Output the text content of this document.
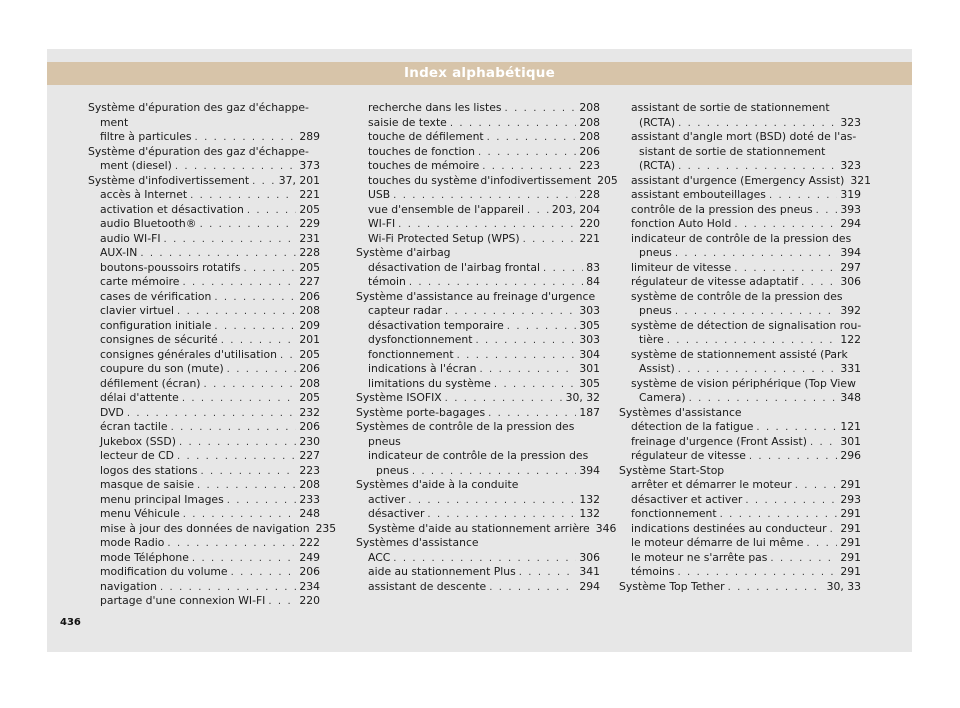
Index alphabétique
Système d'épuration des gaz d'échappe-
ment
filtre à particules . . .	289
Système d'épuration des gaz d'échappe-
ment (diesel) . . .	373
Système d'infodivertissement . . .	37, 201
accès à Internet . . .	221
activation et désactivation . . .	205
audio Bluetooth® . . .	229
audio WI-FI . . .	231
AUX-IN . . .	228
boutons-poussoirs rotatifs . . .	205
carte mémoire . . .	227
cases de vérification . . .	206
clavier virtuel . . .	208
configuration initiale . . .	209
consignes de sécurité . . .	201
consignes générales d'utilisation . . . 205
coupure du son (mute) . . .	206
défilement (écran) . . .	208
délai d'attente . . .	205
DVD . . .	232
écran tactile . . .	206
Jukebox (SSD) . . .	230
lecteur de CD . . .	227
logos des stations . . .	223
masque de saisie . . .	208
menu principal Images . . .	233
menu Véhicule . . .	248
mise à jour des données de navigation 235
mode Radio . . .	222
mode Téléphone . . .	249
modification du volume . . .	206
navigation . . .	234
partage d'une connexion WI-FI . . .	220
recherche dans les listes . . .	208
saisie de texte . . .	208
touche de défilement . . .	208
touches de fonction . . .	206
touches de mémoire . . .	223
touches du système d'infodivertissement 205
USB . . .	228
vue d'ensemble de l'appareil . . .	203, 204
WI-FI . . .	220
Wi-Fi Protected Setup (WPS) . . .	221
Système d'airbag
désactivation de l'airbag frontal . . .	83
témoin . . .	84
Système d'assistance au freinage d'urgence
capteur radar . . .	303
désactivation temporaire . . .	305
dysfonctionnement . . .	303
fonctionnement . . .	304
indications à l'écran . . .	301
limitations du système . . .	305
Système ISOFIX . . .	30, 32
Système porte-bagages . . .	187
Systèmes de contrôle de la pression des
pneus
indicateur de contrôle de la pression des
pneus . . .	394
Systèmes d'aide à la conduite
activer . . .	132
désactiver . . .	132
Système d'aide au stationnement arrière 346
Systèmes d'assistance
ACC . . .	306
aide au stationnement Plus . . .	341
assistant de descente . . .	294
assistant de sortie de stationnement
(RCTA) . . .	323
assistant d'angle mort (BSD) doté de l'as-
sistant de sortie de stationnement
(RCTA) . . .	323
assistant d'urgence (Emergency Assist) 321
assistant embouteillages . . .	319
contrôle de la pression des pneus . . .	393
fonction Auto Hold . . .	294
indicateur de contrôle de la pression des
pneus . . .	394
limiteur de vitesse . . .	297
régulateur de vitesse adaptatif . . .	306
système de contrôle de la pression des
pneus . . .	392
système de détection de signalisation rou-
tière . . .	122
système de stationnement assisté (Park
Assist) . . .	331
système de vision périphérique (Top View
Camera) . . .	348
Systèmes d'assistance
détection de la fatigue . . .	121
freinage d'urgence (Front Assist) . . .	301
régulateur de vitesse . . .	296
Système Start-Stop
arrêter et démarrer le moteur . . .	291
désactiver et activer . . .	293
fonctionnement . . .	291
indications destinées au conducteur . . . 291
le moteur démarre de lui même . . .	291
le moteur ne s'arrête pas . . .	291
témoins . . .	291
Système Top Tether . . .	30, 33
436
